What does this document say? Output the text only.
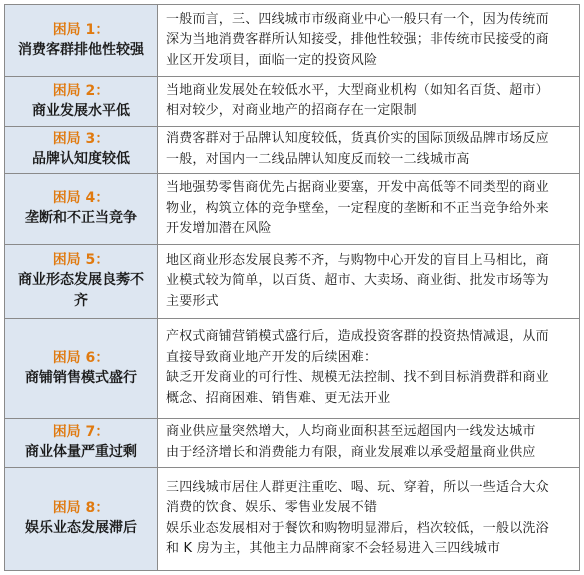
困局 1：
消费客群排他性较强	一般而言，三、四线城市市级商业中心一般只有一个，因为传统而
深为当地消费客群所认知接受，排他性较强；非传统市民接受的商
业区开发项目，面临一定的投资风险

困局 2：
商业发展水平低	当地商业发展处在较低水平，大型商业机构（如知名百货、超市）
相对较少，对商业地产的招商存在一定限制

困局 3：
品牌认知度较低	消费客群对于品牌认知度较低，货真价实的国际顶级品牌市场反应
一般，对国内一二线品牌认知度反而较一二线城市高

困局 4：
垄断和不正当竞争	当地强势零售商优先占据商业要塞，开发中高低等不同类型的商业
物业，构筑立体的竞争壁垒，一定程度的垄断和不正当竞争给外来
开发增加潜在风险

困局 5：
商业形态发展良莠不
齐	地区商业形态发展良莠不齐，与购物中心开发的盲目上马相比，商
业模式较为简单，以百货、超市、大卖场、商业街、批发市场等为
主要形式

困局 6：
商铺销售模式盛行	产权式商铺营销模式盛行后，造成投资客群的投资热情减退，从而
直接导致商业地产开发的后续困难：
缺乏开发商业的可行性、规模无法控制、找不到目标消费群和商业
概念、招商困难、销售难、更无法开业

困局 7：
商业体量严重过剩	商业供应量突然增大，人均商业面积甚至远超国内一线发达城市
由于经济增长和消费能力有限，商业发展难以承受超量商业供应

困局 8：
娱乐业态发展滞后	三四线城市居住人群更注重吃、喝、玩、穿着，所以一些适合大众
消费的饮食、娱乐、零售业发展不错
娱乐业态发展相对于餐饮和购物明显滞后，档次较低，一般以洗浴
和 K 房为主，其他主力品牌商家不会轻易进入三四线城市
